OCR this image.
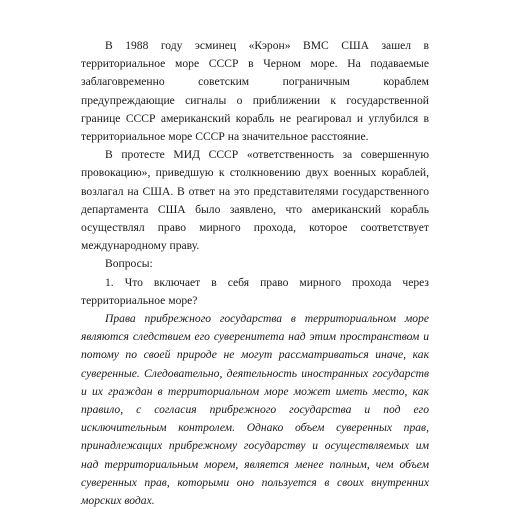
В 1988 году эсминец «Кэрон» ВМС США зашел в территориальное море СССР в Черном море. На подаваемые заблаговременно советским пограничным кораблем предупреждающие сигналы о приближении к государственной границе СССР американский корабль не реагировал и углубился в территориальное море СССР на значительное расстояние.

В протесте МИД СССР «ответственность за совершенную провокацию», приведшую к столкновению двух военных кораблей, возлагал на США. В ответ на это представителями государственного департамента США было заявлено, что американский корабль осуществлял право мирного прохода, которое соответствует международному праву.

Вопросы:

1. Что включает в себя право мирного прохода через территориальное море?

Права прибрежного государства в территориальном море являются следствием его суверенитета над этим пространством и потому по своей природе не могут рассматриваться иначе, как суверенные. Следовательно, деятельность иностранных государств и их граждан в территориальном море может иметь место, как правило, с согласия прибрежного государства и под его исключительным контролем. Однако объем суверенных прав, принадлежащих прибрежному государству и осуществляемых им над территориальным морем, является менее полным, чем объем суверенных прав, которыми оно пользуется в своих внутренних морских водах.
